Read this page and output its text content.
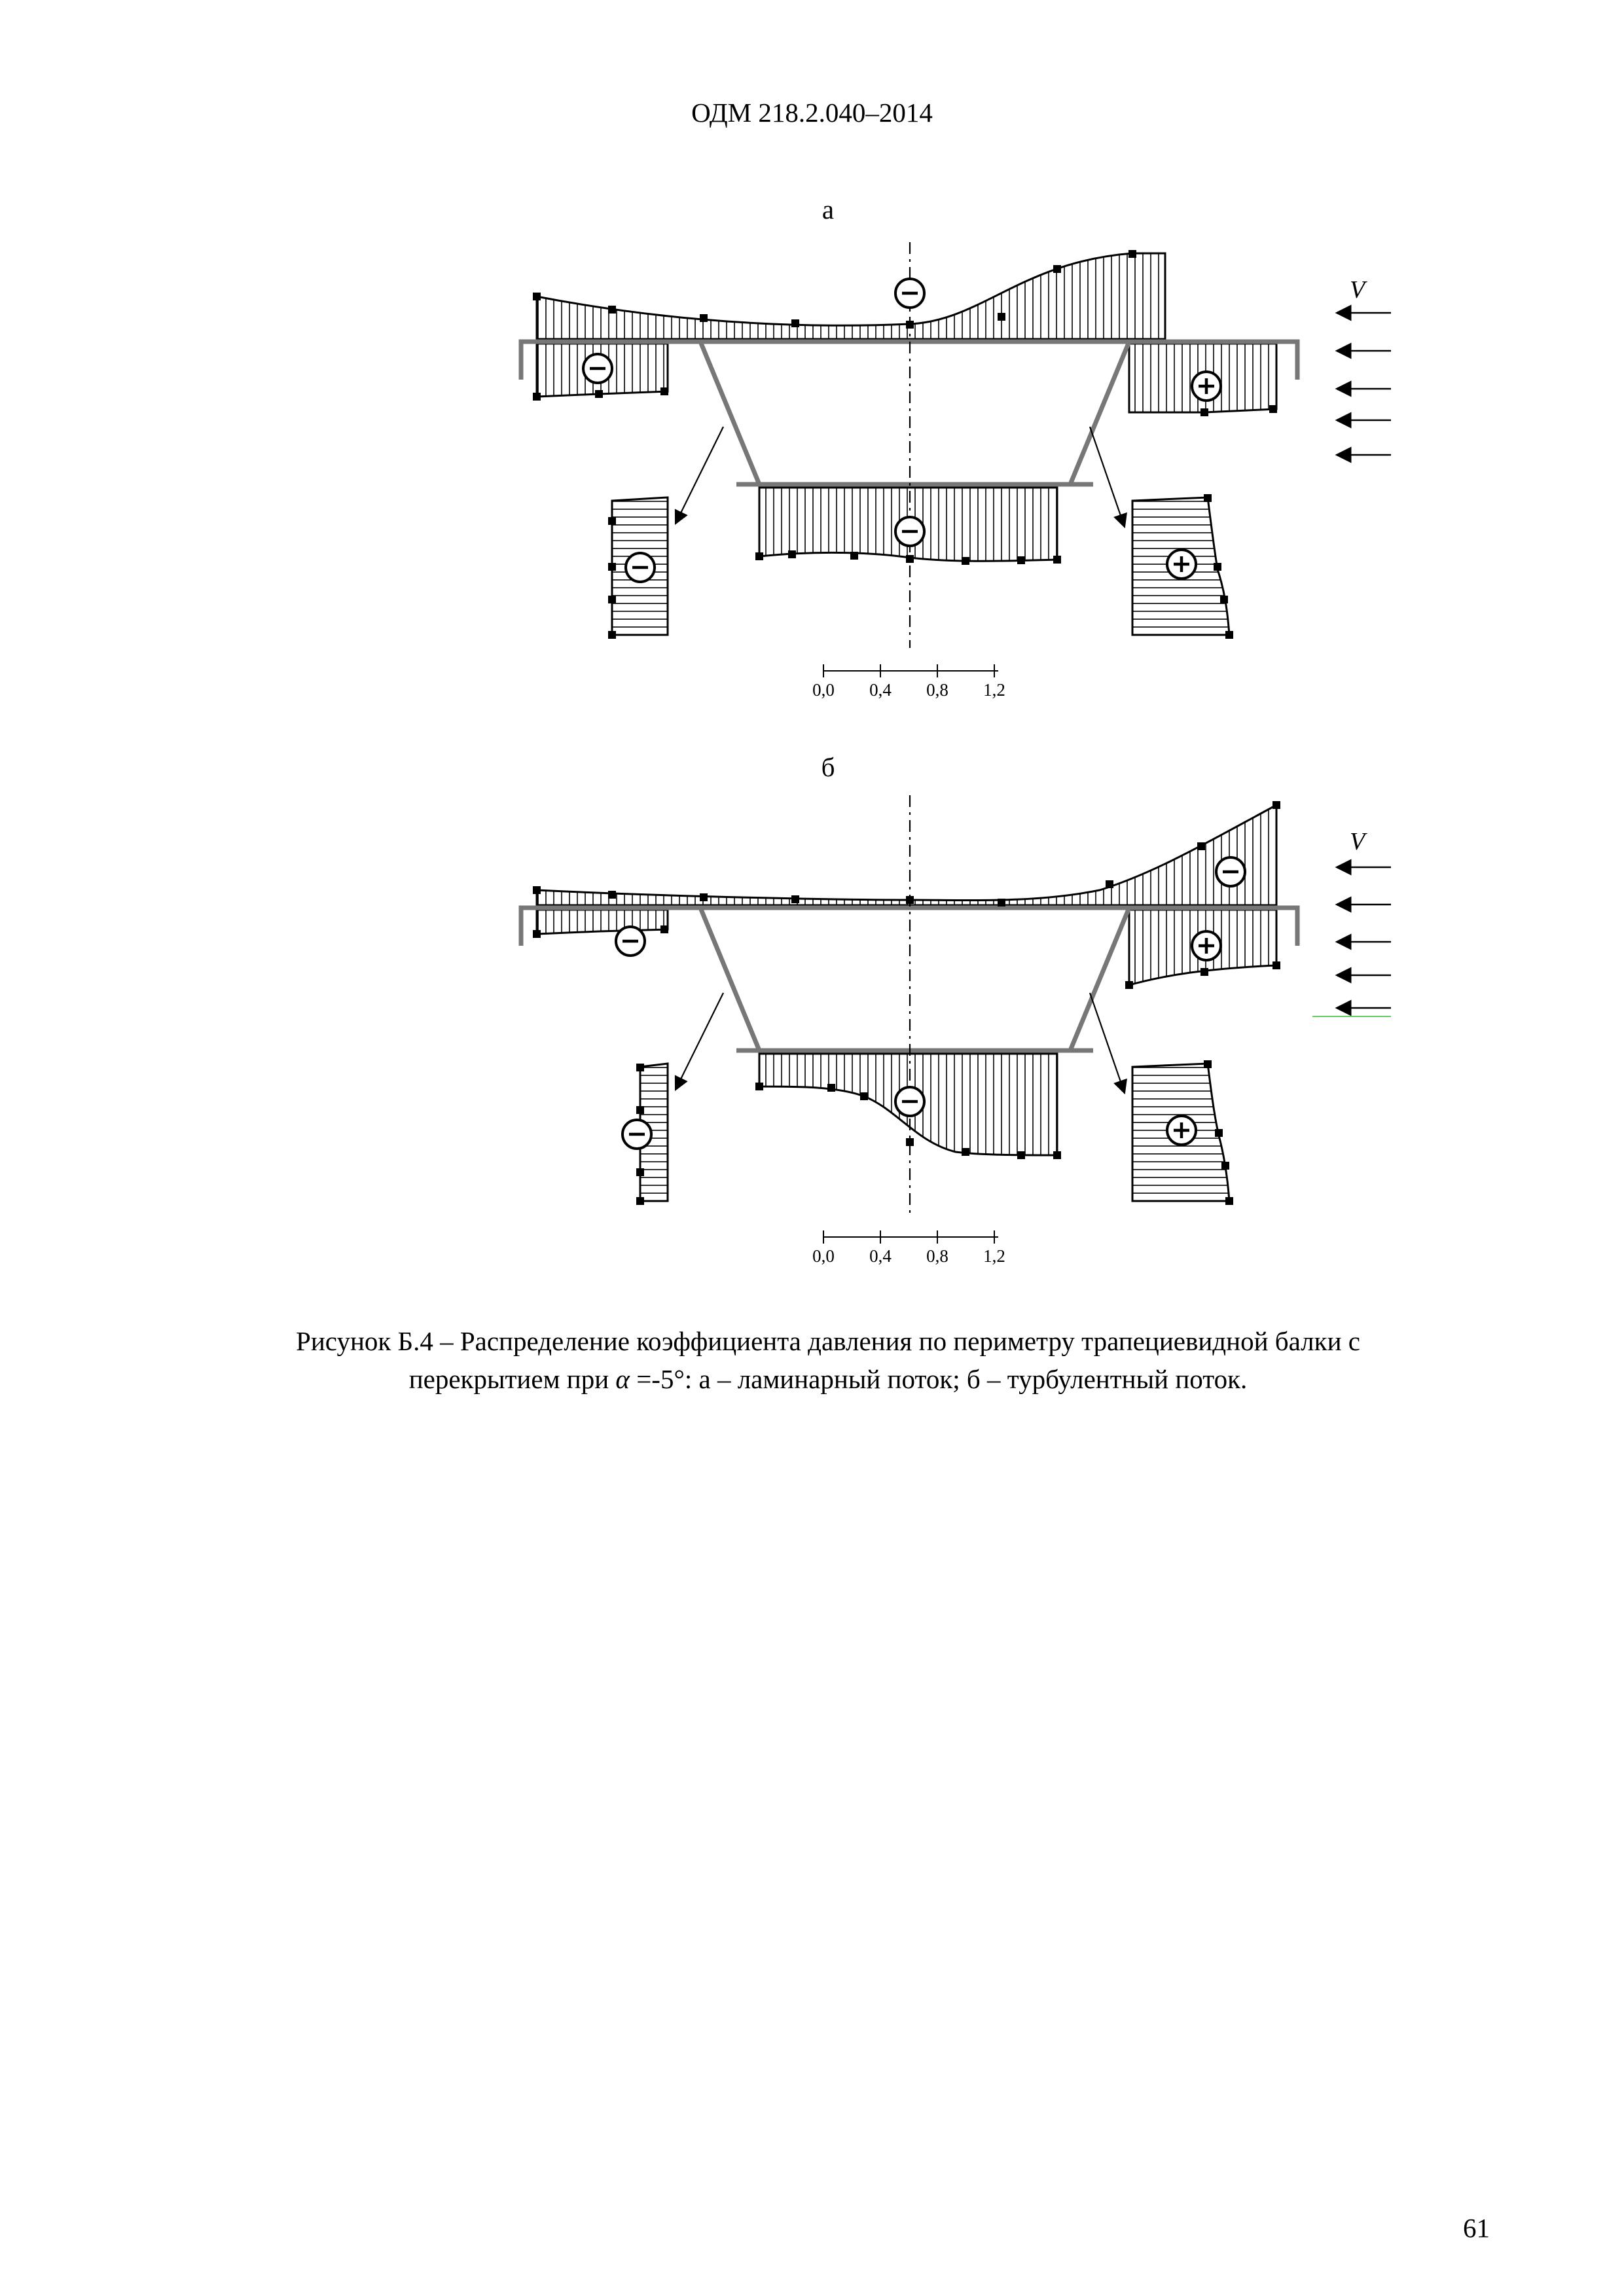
ОДМ 218.2.040–2014
а
V
0,0 0,4 0,8 1,2
б
V
0,0 0,4 0,8 1,2
Рисунок Б.4 – Распределение коэффициента давления по периметру трапециевидной балки с
перекрытием при α =-5°: а – ламинарный поток; б – турбулентный поток.
61
